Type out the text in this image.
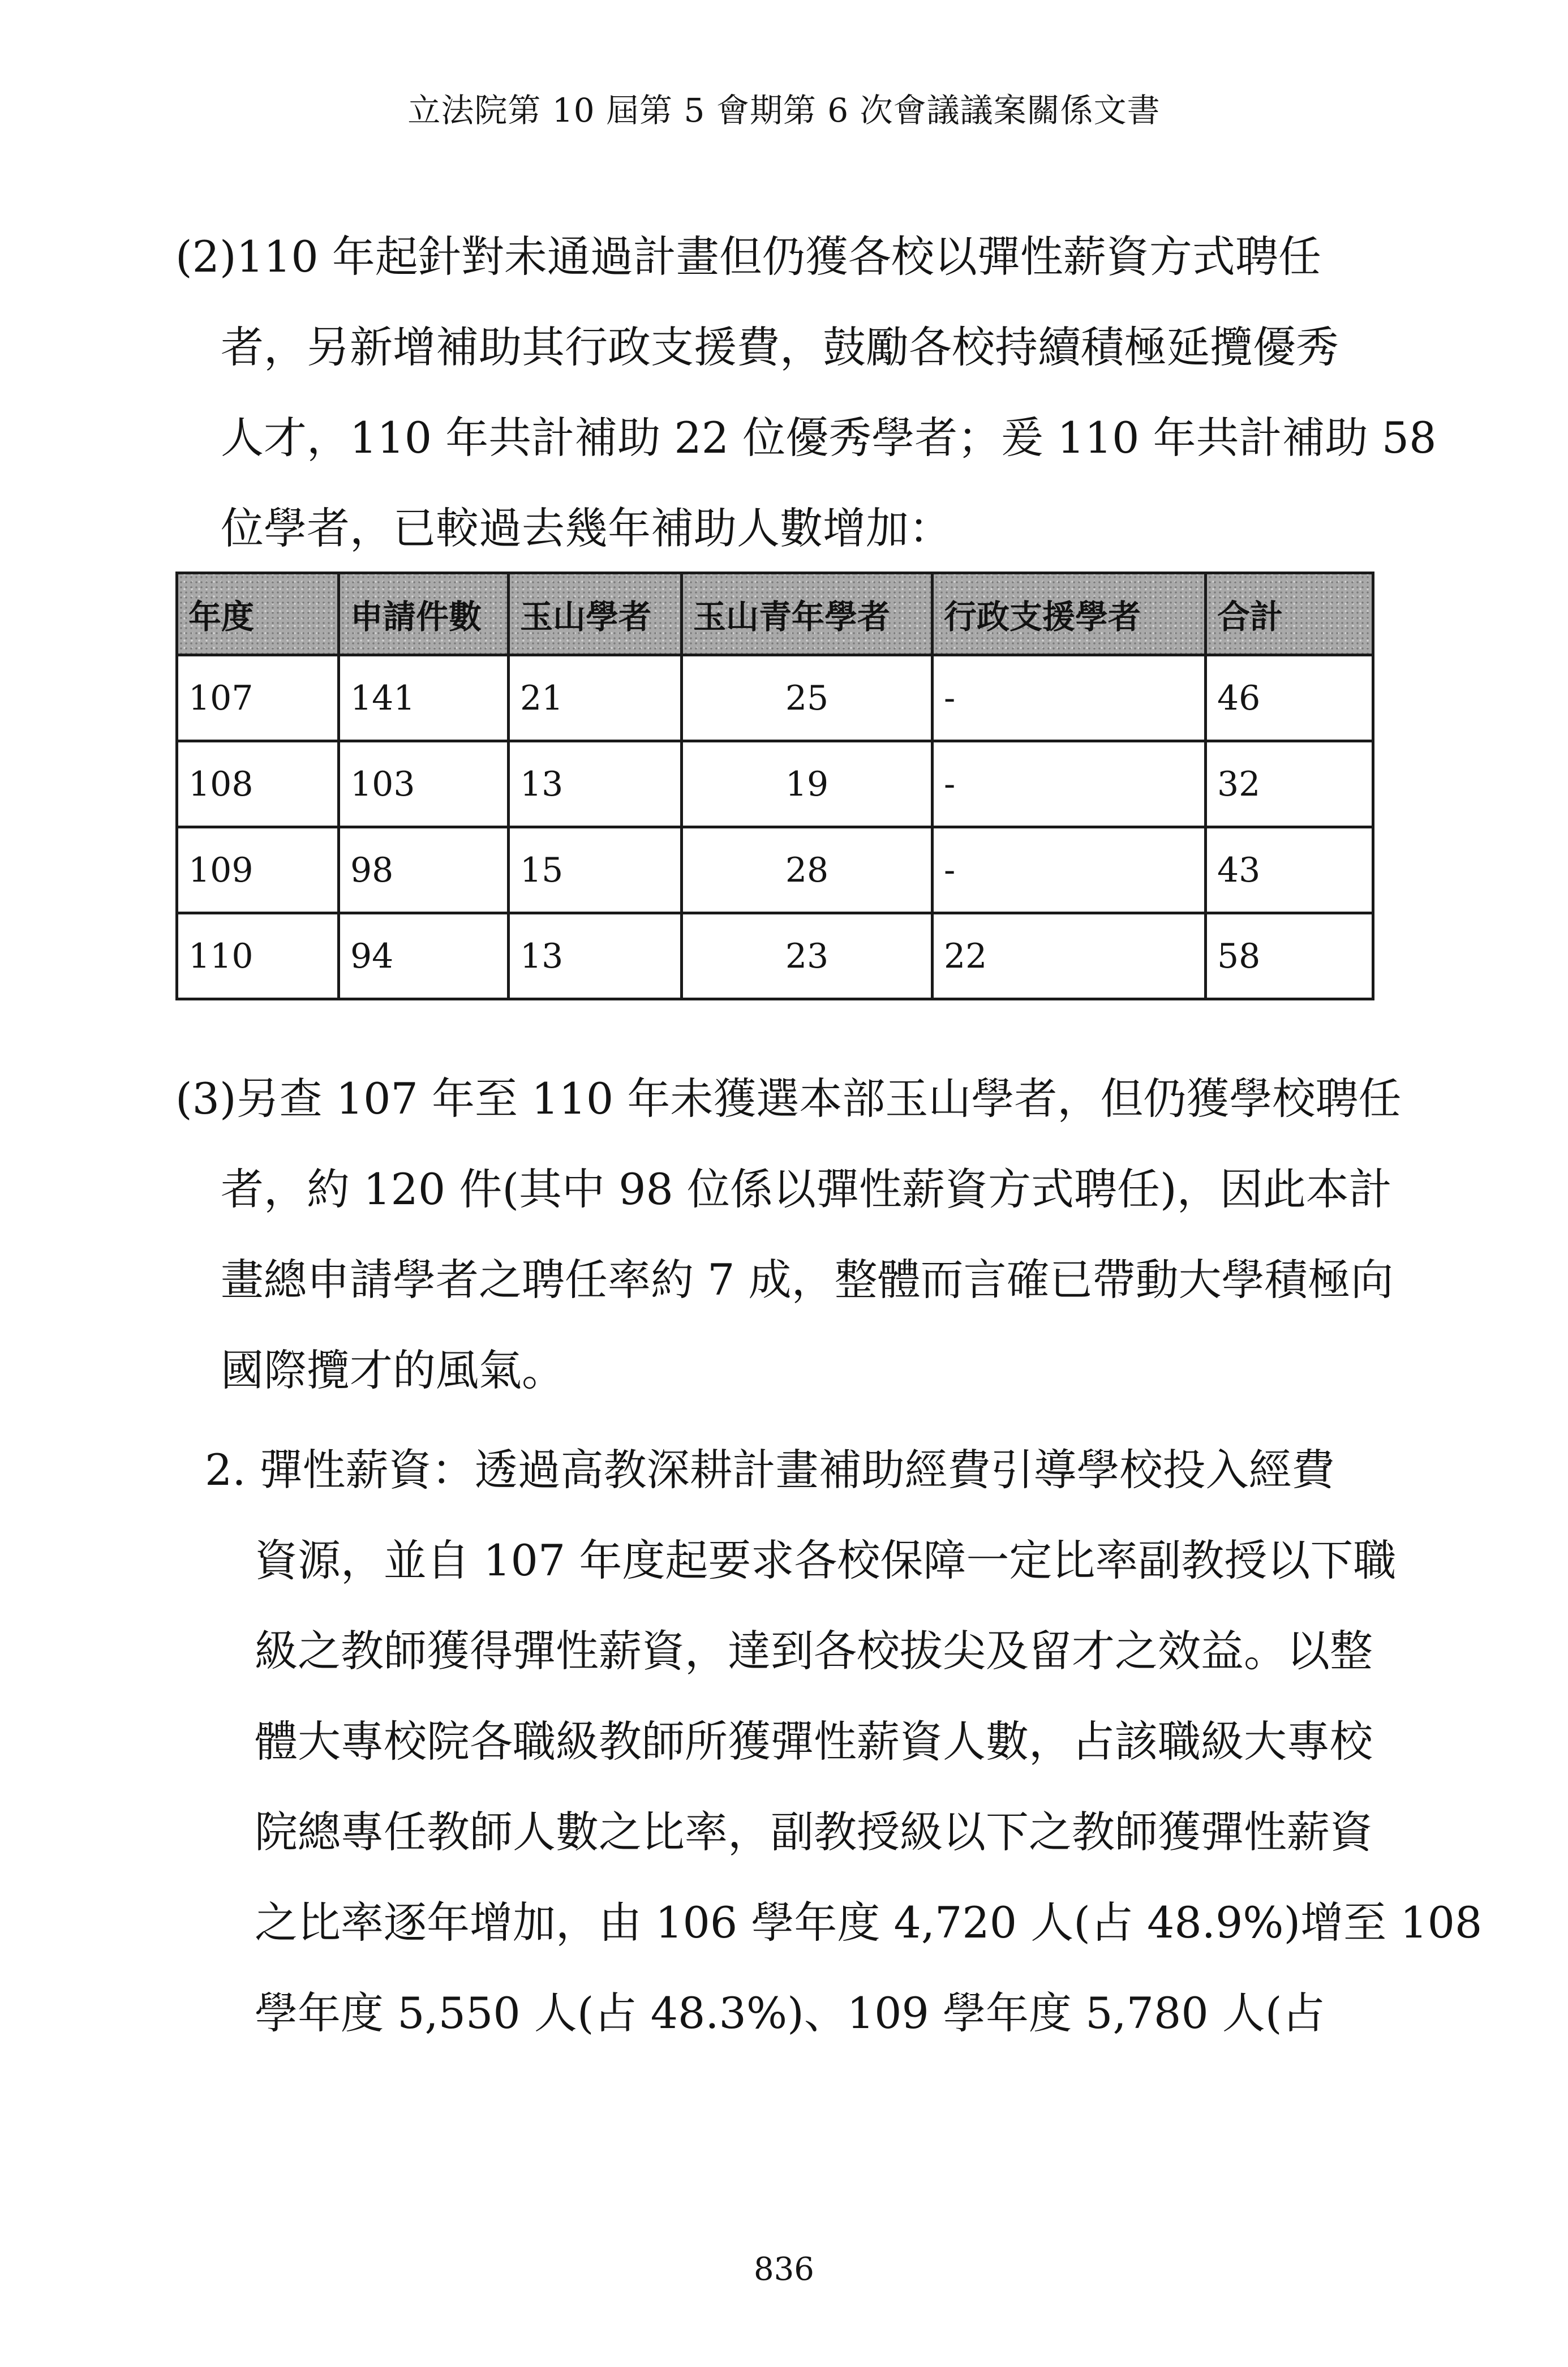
立法院第 10 屆第 5 會期第 6 次會議議案關係文書
(2)110 年起針對未通過計畫但仍獲各校以彈性薪資方式聘任
者，另新增補助其行政支援費，鼓勵各校持續積極延攬優秀
人才，110 年共計補助 22 位優秀學者；爰 110 年共計補助 58
位學者，已較過去幾年補助人數增加：
年度	申請件數	玉山學者	玉山青年學者	行政支援學者	合計
107	141	21	25	-	46
108	103	13	19	-	32
109	98	15	28	-	43
110	94	13	23	22	58
(3)另查 107 年至 110 年未獲選本部玉山學者，但仍獲學校聘任
者，約 120 件(其中 98 位係以彈性薪資方式聘任)，因此本計
畫總申請學者之聘任率約 7 成，整體而言確已帶動大學積極向
國際攬才的風氣。
2. 彈性薪資：透過高教深耕計畫補助經費引導學校投入經費
資源，並自 107 年度起要求各校保障一定比率副教授以下職
級之教師獲得彈性薪資，達到各校拔尖及留才之效益。以整
體大專校院各職級教師所獲彈性薪資人數，占該職級大專校
院總專任教師人數之比率，副教授級以下之教師獲彈性薪資
之比率逐年增加，由 106 學年度 4,720 人(占 48.9%)增至 108
學年度 5,550 人(占 48.3%)、109 學年度 5,780 人(占
836
